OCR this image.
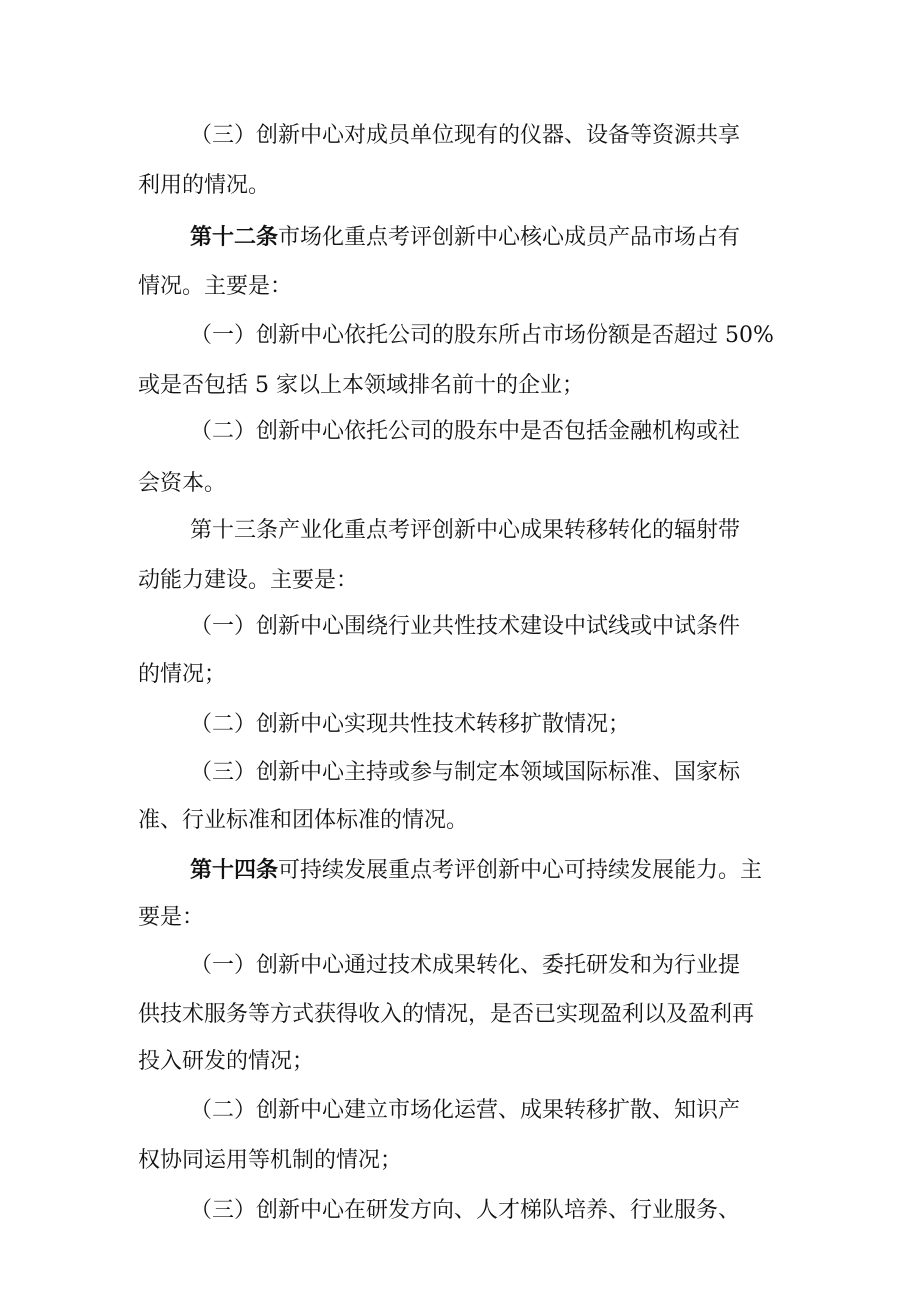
（三）创新中心对成员单位现有的仪器、设备等资源共享
利用的情况。
第十二条市场化重点考评创新中心核心成员产品市场占有
情况。主要是：
（一）创新中心依托公司的股东所占市场份额是否超过 50%
或是否包括 5 家以上本领域排名前十的企业；
（二）创新中心依托公司的股东中是否包括金融机构或社
会资本。
第十三条产业化重点考评创新中心成果转移转化的辐射带
动能力建设。主要是：
（一）创新中心围绕行业共性技术建设中试线或中试条件
的情况；
（二）创新中心实现共性技术转移扩散情况；
（三）创新中心主持或参与制定本领域国际标准、国家标
准、行业标准和团体标准的情况。
第十四条可持续发展重点考评创新中心可持续发展能力。主
要是：
（一）创新中心通过技术成果转化、委托研发和为行业提
供技术服务等方式获得收入的情况，是否已实现盈利以及盈利再
投入研发的情况；
（二）创新中心建立市场化运营、成果转移扩散、知识产
权协同运用等机制的情况；
（三）创新中心在研发方向、人才梯队培养、行业服务、
